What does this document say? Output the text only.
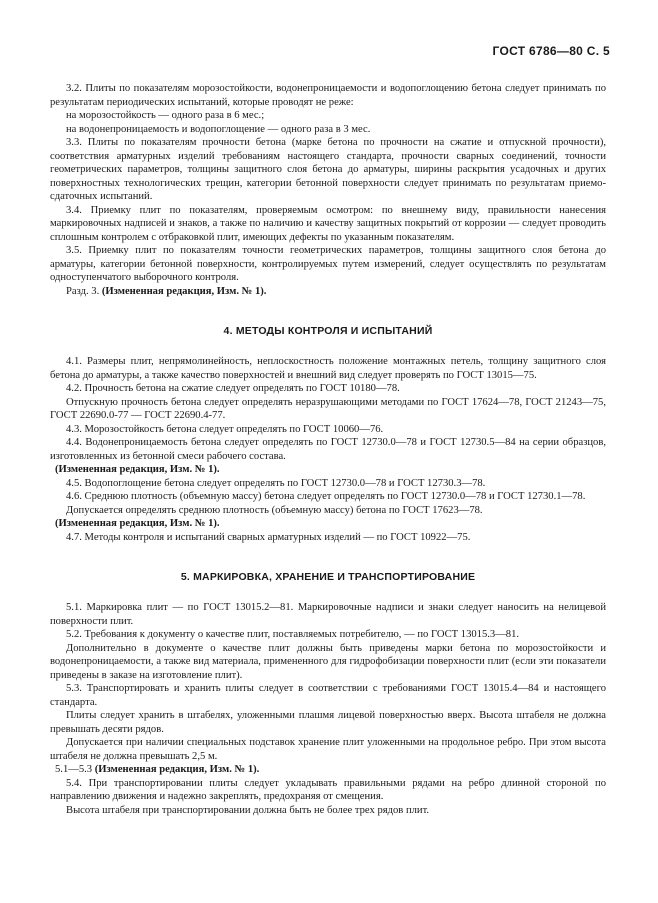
ГОСТ 6786—80 С. 5

3.2. Плиты по показателям морозостойкости, водонепроницаемости и водопоглощению бетона следует принимать по результатам периодических испытаний, которые проводят не реже:

на морозостойкость — одного раза в 6 мес.;

на водонепроницаемость и водопоглощение — одного раза в 3 мес.

3.3. Плиты по показателям прочности бетона (марке бетона по прочности на сжатие и отпускной прочности), соответствия арматурных изделий требованиям настоящего стандарта, прочности сварных соединений, точности геометрических параметров, толщины защитного слоя бетона до арматуры, ширины раскрытия усадочных и других поверхностных технологических трещин, категории бетонной поверхности следует принимать по результатам приемо-сдаточных испытаний.

3.4. Приемку плит по показателям, проверяемым осмотром: по внешнему виду, правильности нанесения маркировочных надписей и знаков, а также по наличию и качеству защитных покрытий от коррозии — следует проводить сплошным контролем с отбраковкой плит, имеющих дефекты по указанным показателям.

3.5. Приемку плит по показателям точности геометрических параметров, толщины защитного слоя бетона до арматуры, категории бетонной поверхности, контролируемых путем измерений, следует осуществлять по результатам одноступенчатого выборочного контроля.

Разд. 3. (Измененная редакция, Изм. № 1).

4. МЕТОДЫ КОНТРОЛЯ И ИСПЫТАНИЙ

4.1. Размеры плит, непрямолинейность, неплоскостность положение монтажных петель, толщину защитного слоя бетона до арматуры, а также качество поверхностей и внешний вид следует проверять по ГОСТ 13015—75.

4.2. Прочность бетона на сжатие следует определять по ГОСТ 10180—78.

Отпускную прочность бетона следует определять неразрушающими методами по ГОСТ 17624—78, ГОСТ 21243—75, ГОСТ 22690.0-77 — ГОСТ 22690.4-77.

4.3. Морозостойкость бетона следует определять по ГОСТ 10060—76.

4.4. Водонепроницаемость бетона следует определять по ГОСТ 12730.0—78 и ГОСТ 12730.5—84 на серии образцов, изготовленных из бетонной смеси рабочего состава.

(Измененная редакция, Изм. № 1).

4.5. Водопоглощение бетона следует определять по ГОСТ 12730.0—78 и ГОСТ 12730.3—78.

4.6. Среднюю плотность (объемную массу) бетона следует определять по ГОСТ 12730.0—78 и ГОСТ 12730.1—78.

Допускается определять среднюю плотность (объемную массу) бетона по ГОСТ 17623—78.

(Измененная редакция, Изм. № 1).

4.7. Методы контроля и испытаний сварных арматурных изделий — по ГОСТ 10922—75.

5. МАРКИРОВКА, ХРАНЕНИЕ И ТРАНСПОРТИРОВАНИЕ

5.1. Маркировка плит — по ГОСТ 13015.2—81. Маркировочные надписи и знаки следует наносить на нелицевой поверхности плит.

5.2. Требования к документу о качестве плит, поставляемых потребителю, — по ГОСТ 13015.3—81.

Дополнительно в документе о качестве плит должны быть приведены марки бетона по морозостойкости и водонепроницаемости, а также вид материала, примененного для гидрофобизации поверхности плит (если эти показатели приведены в заказе на изготовление плит).

5.3. Транспортировать и хранить плиты следует в соответствии с требованиями ГОСТ 13015.4—84 и настоящего стандарта.

Плиты следует хранить в штабелях, уложенными плашмя лицевой поверхностью вверх. Высота штабеля не должна превышать десяти рядов.

Допускается при наличии специальных подставок хранение плит уложенными на продольное ребро. При этом высота штабеля не должна превышать 2,5 м.

5.1—5.3 (Измененная редакция, Изм. № 1).

5.4. При транспортировании плиты следует укладывать правильными рядами на ребро длинной стороной по направлению движения и надежно закреплять, предохраняя от смещения.

Высота штабеля при транспортировании должна быть не более трех рядов плит.
